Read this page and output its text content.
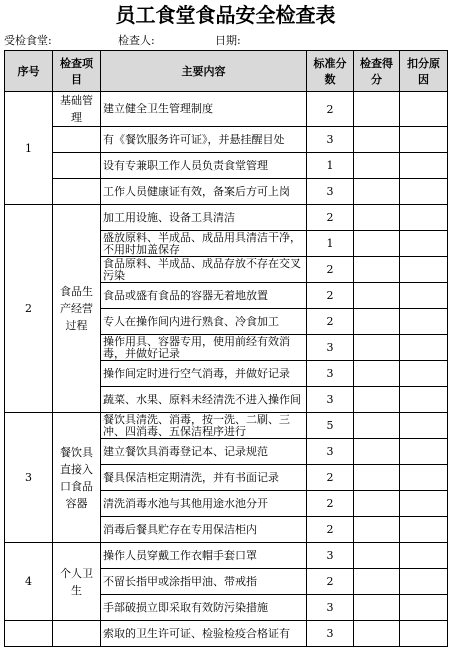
员工食堂食品安全检查表
受检食堂:	检查人:	日期:
序号	检查项目	主要内容	标准分数	检查得分	扣分原因
1	基础管理	建立健全卫生管理制度	2		

		有《餐饮服务许可证》，并悬挂醒目处	3		

		设有专兼职工作人员负责食堂管理	1		

		工作人员健康证有效，备案后方可上岗	3		
2	食品生产经营过程	加工用设施、设备工具清洁	2		

		盛放原料、半成品、成品用具清洁干净，不用时加盖保存	1		

		食品原料、半成品、成品存放不存在交叉污染	2		

		食品或盛有食品的容器无着地放置	2		

		专人在操作间内进行熟食、冷食加工	2		

		操作用具、容器专用，使用前经有效消毒，并做好记录	3		

		操作间定时进行空气消毒，并做好记录	3		

		蔬菜、水果、原料未经清洗不进入操作间	3		
3	餐饮具直接入口食品容器	餐饮具清洗、消毒，按一洗、二刷、三冲、四消毒、五保洁程序进行	5		

		建立餐饮具消毒登记本、记录规范	3		

		餐具保洁柜定期清洗，并有书面记录	2		

		清洗消毒水池与其他用途水池分开	2		

		消毒后餐具贮存在专用保洁柜内	2		
4	个人卫生	操作人员穿戴工作衣帽手套口罩	3		

		不留长指甲或涂指甲油、带戒指	2		

		手部破损立即采取有效防污染措施	3		

		索取的卫生许可证、检验检疫合格证有	3		
